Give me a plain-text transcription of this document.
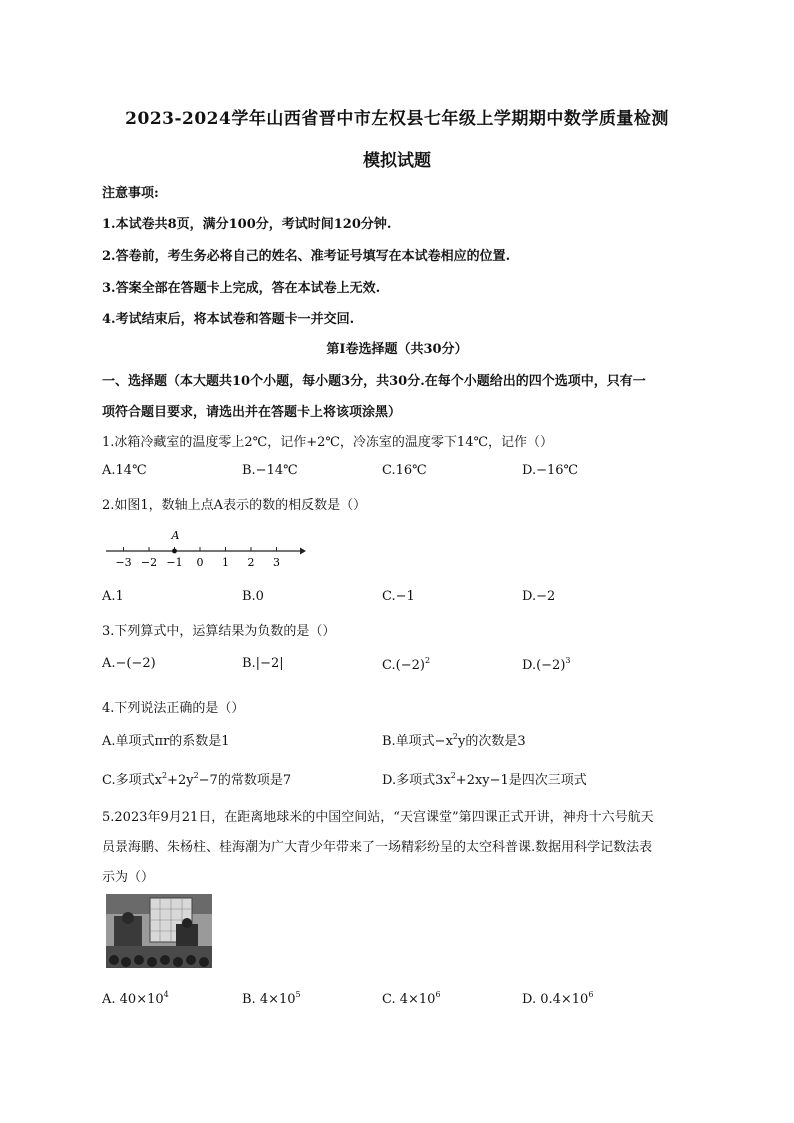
2023-2024学年山西省晋中市左权县七年级上学期期中数学质量检测
模拟试题
注意事项:
1.本试卷共8页，满分100分，考试时间120分钟.
2.答卷前，考生务必将自己的姓名、准考证号填写在本试卷相应的位置.
3.答案全部在答题卡上完成，答在本试卷上无效.
4.考试结束后，将本试卷和答题卡一并交回.
第Ⅰ卷选择题（共30分）
一、选择题（本大题共10个小题，每小题3分，共30分.在每个小题给出的四个选项中，只有一
项符合题目要求，请选出并在答题卡上将该项涂黑）
1.冰箱冷藏室的温度零上2℃，记作+2℃，冷冻室的温度零下14℃，记作（）
A.14℃	B.−14℃	C.16℃	D.−16℃
2.如图1，数轴上点A表示的数的相反数是（）
−3 −2 −1 0 1 2 3
A
A.1	B.0	C.−1	D.−2
3.下列算式中，运算结果为负数的是（）
A.−(−2)	B.|−2|	$C.(-2)^2$	$D.(-2)^3$
4.下列说法正确的是（）
A.单项式πr的系数是1	B.单项式$-x^2y$的次数是3
C.多项式$x^2+2y^2-7$的常数项是7	D.多项式$3x^2+2xy-1$是四次三项式
5.2023年9月21日，在距离地球米的中国空间站，“天宫课堂”第四课正式开讲，神舟十六号航天
员景海鹏、朱杨柱、桂海潮为广大青少年带来了一场精彩纷呈的太空科普课.数据用科学记数法表
示为（）
A. $40\times 10^4$	B. $4\times 10^5$	C. $4\times 10^6$	D. $0.4\times 10^6$
